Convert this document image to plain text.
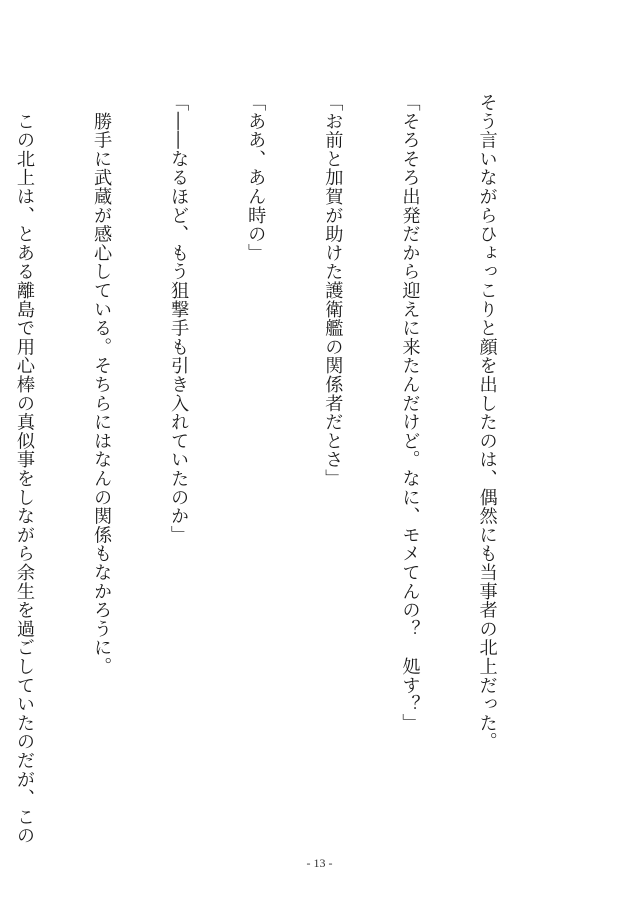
そう言いながらひょっこりと顔を出したのは、偶然にも当事者の北上だった。

「そろそろ出発だから迎えに来たんだけど。なに、モメてんの？　処す？」

「お前と加賀が助けた護衛艦の関係者だとさ」

「ああ、あん時の」

「――なるほど、もう狙撃手も引き入れていたのか」

　勝手に武蔵が感心している。そちらにはなんの関係もなかろうに。

　この北上は、とある離島で用心棒の真似事をしながら余生を過ごしていたのだが、この

- 13 -
